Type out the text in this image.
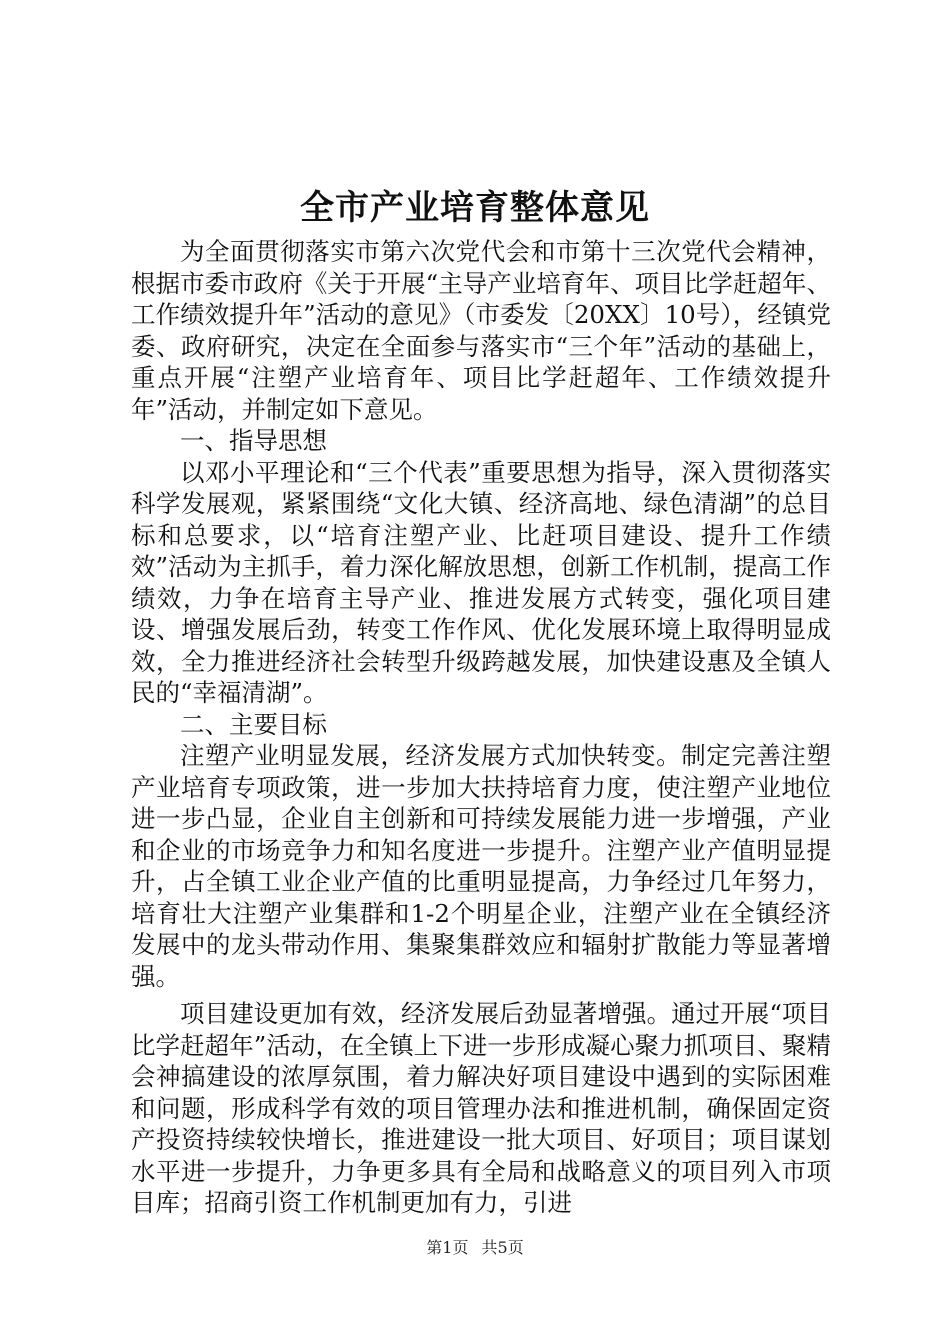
全市产业培育整体意见

为全面贯彻落实市第六次党代会和市第十三次党代会精神，根据市委市政府《关于开展“主导产业培育年、项目比学赶超年、工作绩效提升年”活动的意见》（市委发〔20XX〕10号），经镇党委、政府研究，决定在全面参与落实市“三个年”活动的基础上，重点开展“注塑产业培育年、项目比学赶超年、工作绩效提升年”活动，并制定如下意见。

一、指导思想

以邓小平理论和“三个代表”重要思想为指导，深入贯彻落实科学发展观，紧紧围绕“文化大镇、经济高地、绿色清湖”的总目标和总要求，以“培育注塑产业、比赶项目建设、提升工作绩效”活动为主抓手，着力深化解放思想，创新工作机制，提高工作绩效，力争在培育主导产业、推进发展方式转变，强化项目建设、增强发展后劲，转变工作作风、优化发展环境上取得明显成效，全力推进经济社会转型升级跨越发展，加快建设惠及全镇人民的“幸福清湖”。

二、主要目标

注塑产业明显发展，经济发展方式加快转变。制定完善注塑产业培育专项政策，进一步加大扶持培育力度，使注塑产业地位进一步凸显，企业自主创新和可持续发展能力进一步增强，产业和企业的市场竞争力和知名度进一步提升。注塑产业产值明显提升，占全镇工业企业产值的比重明显提高，力争经过几年努力，培育壮大注塑产业集群和1-2个明星企业，注塑产业在全镇经济发展中的龙头带动作用、集聚集群效应和辐射扩散能力等显著增强。

项目建设更加有效，经济发展后劲显著增强。通过开展“项目比学赶超年”活动，在全镇上下进一步形成凝心聚力抓项目、聚精会神搞建设的浓厚氛围，着力解决好项目建设中遇到的实际困难和问题，形成科学有效的项目管理办法和推进机制，确保固定资产投资持续较快增长，推进建设一批大项目、好项目；项目谋划水平进一步提升，力争更多具有全局和战略意义的项目列入市项目库；招商引资工作机制更加有力，引进

第1页 共5页
